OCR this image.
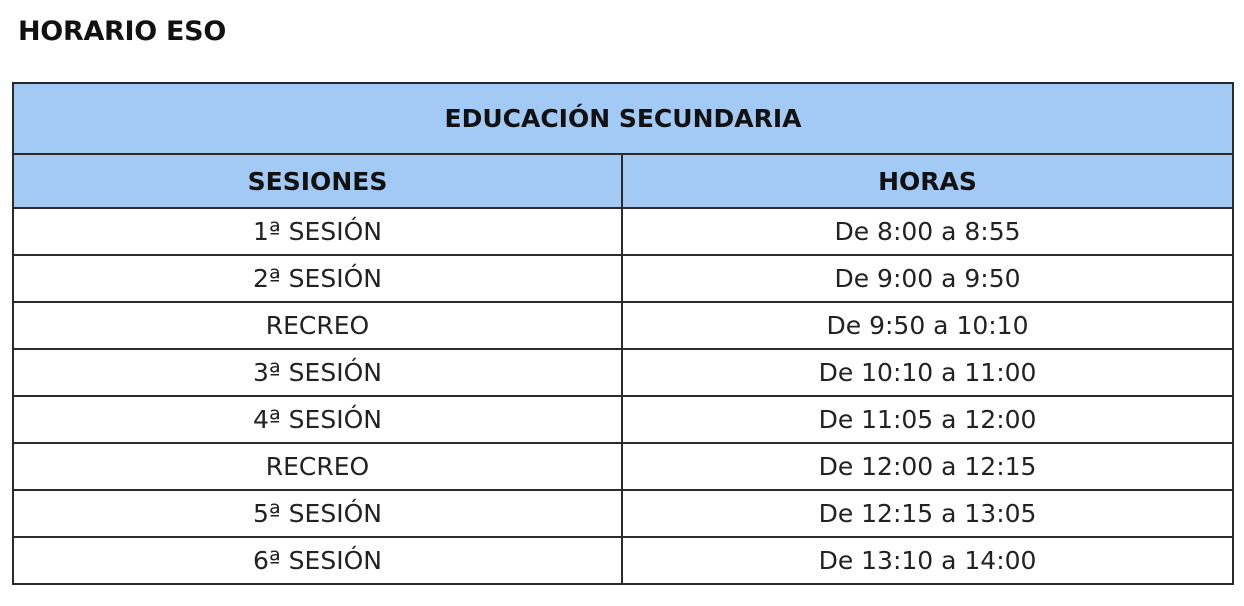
HORARIO ESO
EDUCACIÓN SECUNDARIA	
SESIONES	HORAS
1ª SESIÓN	De 8:00 a 8:55
2ª SESIÓN	De 9:00 a 9:50
RECREO	De 9:50 a 10:10
3ª SESIÓN	De 10:10 a 11:00
4ª SESIÓN	De 11:05 a 12:00
RECREO	De 12:00 a 12:15
5ª SESIÓN	De 12:15 a 13:05
6ª SESIÓN	De 13:10 a 14:00
